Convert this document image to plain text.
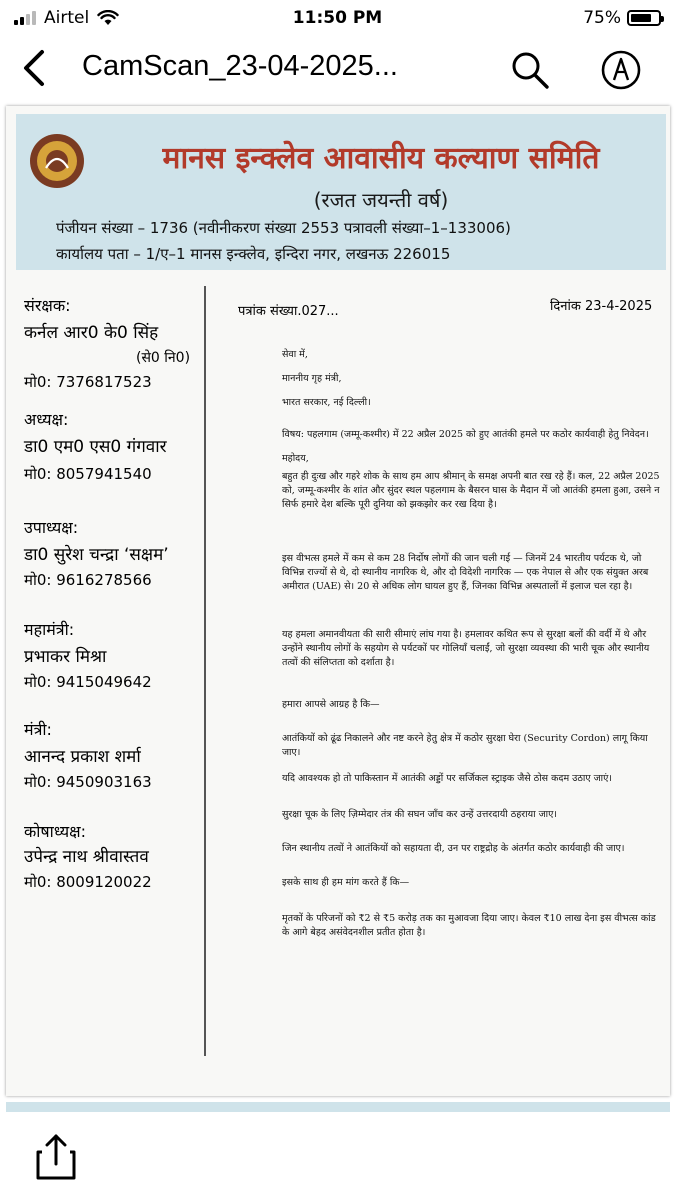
Airtel	11:50 PM	75%
CamScan_23-04-2025...
मानस इन्क्लेव आवासीय कल्याण समिति
(रजत जयन्ती वर्ष)
पंजीयन संख्या – 1736 (नवीनीकरण संख्या 2553 पत्रावली संख्या–1–133006)
कार्यालय पता – 1/ए–1 मानस इन्क्लेव, इन्दिरा नगर, लखनऊ 226015
संरक्षक:
कर्नल आर0 के0 सिंह
(से0 नि0)
मो0: 7376817523
अध्यक्ष:
डा0 एम0 एस0 गंगवार
मो0: 8057941540
उपाध्यक्ष:
डा0 सुरेश चन्द्रा ‘सक्षम’
मो0: 9616278566
महामंत्री:
प्रभाकर मिश्रा
मो0: 9415049642
मंत्री:
आनन्द प्रकाश शर्मा
मो0: 9450903163
कोषाध्यक्ष:
उपेन्द्र नाथ श्रीवास्तव
मो0: 8009120022
पत्रांक संख्या.027...	दिनांक 23-4-2025
सेवा में,
माननीय गृह मंत्री,
भारत सरकार, नई दिल्ली।
विषय: पहलगाम (जम्मू-कश्मीर) में 22 अप्रैल 2025 को हुए आतंकी हमले पर कठोर कार्यवाही हेतु निवेदन।
महोदय,
बहुत ही दुःख और गहरे शोक के साथ हम आप श्रीमान् के समक्ष अपनी बात रख रहे हैं। कल, 22 अप्रैल 2025 को, जम्मू-कश्मीर के शांत और सुंदर स्थल पहलगाम के बैसरन घास के मैदान में जो आतंकी हमला हुआ, उसने न सिर्फ हमारे देश बल्कि पूरी दुनिया को झकझोर कर रख दिया है।
इस वीभत्स हमले में कम से कम 28 निर्दोष लोगों की जान चली गई — जिनमें 24 भारतीय पर्यटक थे, जो विभिन्न राज्यों से थे, दो स्थानीय नागरिक थे, और दो विदेशी नागरिक — एक नेपाल से और एक संयुक्त अरब अमीरात (UAE) से। 20 से अधिक लोग घायल हुए हैं, जिनका विभिन्न अस्पतालों में इलाज चल रहा है।
यह हमला अमानवीयता की सारी सीमाएं लांघ गया है। हमलावर कथित रूप से सुरक्षा बलों की वर्दी में थे और उन्होंने स्थानीय लोगों के सहयोग से पर्यटकों पर गोलियाँ चलाईं, जो सुरक्षा व्यवस्था की भारी चूक और स्थानीय तत्वों की संलिप्तता को दर्शाता है।
हमारा आपसे आग्रह है कि—
आतंकियों को ढूंढ निकालने और नष्ट करने हेतु क्षेत्र में कठोर सुरक्षा घेरा (Security Cordon) लागू किया जाए।
यदि आवश्यक हो तो पाकिस्तान में आतंकी अड्डों पर सर्जिकल स्ट्राइक जैसे ठोस कदम उठाए जाएं।
सुरक्षा चूक के लिए ज़िम्मेदार तंत्र की सघन जाँच कर उन्हें उत्तरदायी ठहराया जाए।
जिन स्थानीय तत्वों ने आतंकियों को सहायता दी, उन पर राष्ट्रद्रोह के अंतर्गत कठोर कार्यवाही की जाए।
इसके साथ ही हम मांग करते हैं कि—
मृतकों के परिजनों को ₹2 से ₹5 करोड़ तक का मुआवजा दिया जाए। केवल ₹10 लाख देना इस वीभत्स कांड के आगे बेहद असंवेदनशील प्रतीत होता है।
